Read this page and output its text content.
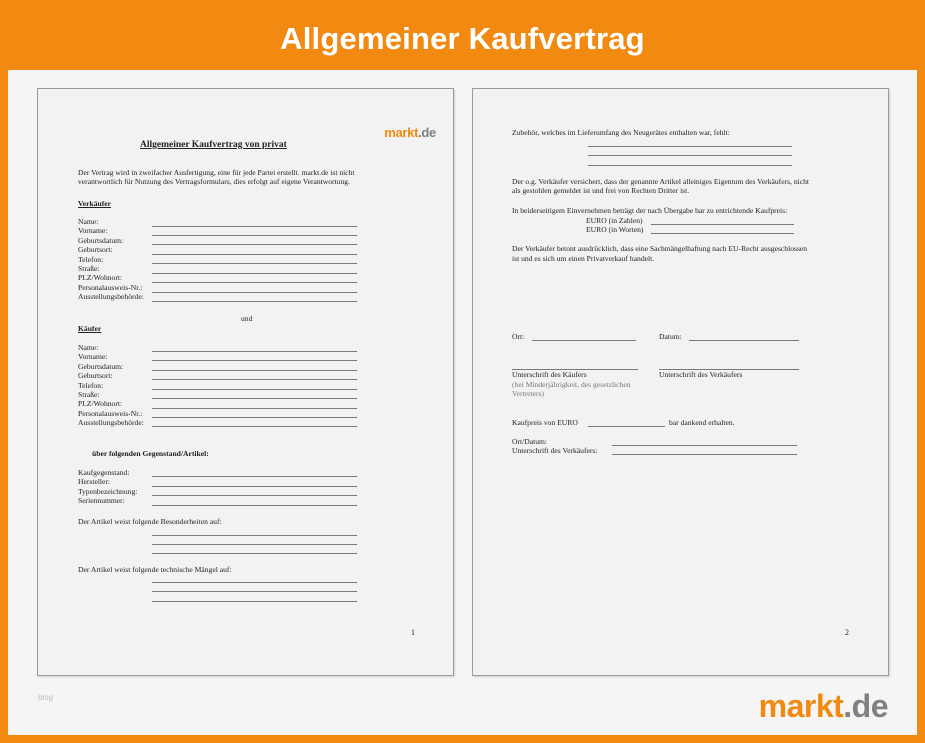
Allgemeiner Kaufvertrag
markt.de
Allgemeiner Kaufvertrag von privat
Der Vertrag wird in zweifacher Ausfertigung, eine für jede Partei erstellt. markt.de ist nicht
verantwortlich für Nutzung des Vertragsformulars, dies erfolgt auf eigene Verantwortung.
Verkäufer
Name:
Vorname:
Geburtsdatum:
Geburtsort:
Telefon:
Straße:
PLZ/Wohnort:
Personalausweis-Nr.:
Ausstellungsbehörde:
und
Käufer
Name:
Vorname:
Geburtsdatum:
Geburtsort:
Telefon:
Straße:
PLZ/Wohnort:
Personalausweis-Nr.:
Ausstellungsbehörde:
über folgenden Gegenstand/Artikel:
Kaufgegenstand:
Hersteller:
Typenbezeichnung:
Seriennummer:
Der Artikel weist folgende Besonderheiten auf:
Der Artikel weist folgende technische Mängel auf:
1
Zubehör, welches im Lieferumfang des Neugerätes enthalten war, fehlt:
Der o.g. Verkäufer versichert, dass der genannte Artikel alleiniges Eigentum des Verkäufers, nicht
als gestohlen gemeldet ist und frei von Rechten Dritter ist.
In beiderseitigem Einvernehmen beträgt der nach Übergabe bar zu entrichtende Kaufpreis:
EURO (in Zahlen)
EURO (in Worten)
Der Verkäufer betont ausdrücklich, dass eine Sachmängelhaftung nach EU-Recht ausgeschlossen
ist und es sich um einen Privatverkauf handelt.
Ort:	Datum:
Unterschrift des Käufers
(bei Minderjährigkeit, des gesetzlichen
Vertreters)
Unterschrift des Verkäufers
Kaufpreis von EURO	bar dankend erhalten.
Ort/Datum:
Unterschrift des Verkäufers:
2
blog	markt.de
